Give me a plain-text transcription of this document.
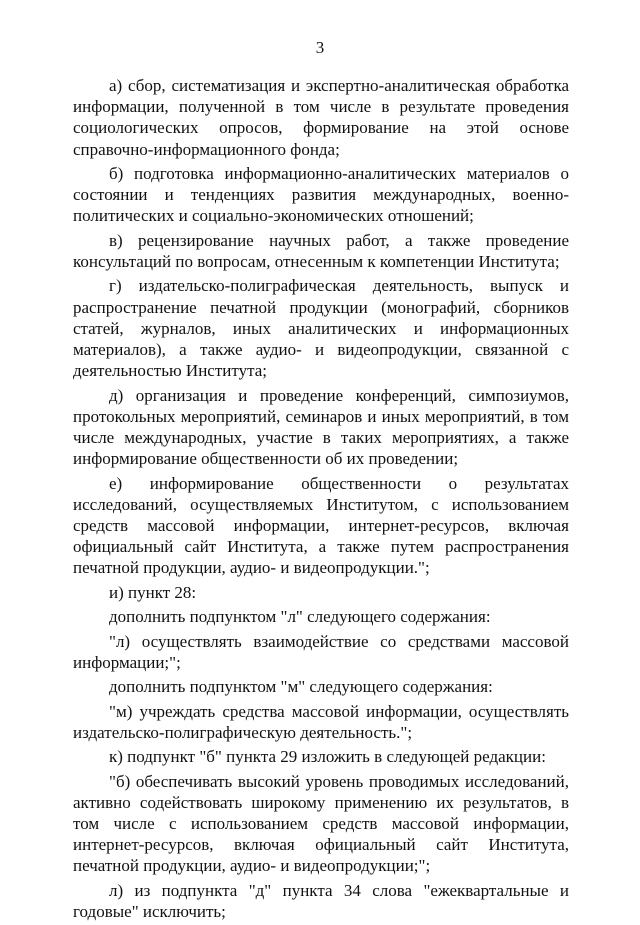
3

а) сбор, систематизация и экспертно-аналитическая обработка информации, полученной в том числе в результате проведения социологических опросов, формирование на этой основе справочно-информационного фонда;

б) подготовка информационно-аналитических материалов о состоянии и тенденциях развития международных, военно-политических и социально-экономических отношений;

в) рецензирование научных работ, а также проведение консультаций по вопросам, отнесенным к компетенции Института;

г) издательско-полиграфическая деятельность, выпуск и распространение печатной продукции (монографий, сборников статей, журналов, иных аналитических и информационных материалов), а также аудио- и видеопродукции, связанной с деятельностью Института;

д) организация и проведение конференций, симпозиумов, протокольных мероприятий, семинаров и иных мероприятий, в том числе международных, участие в таких мероприятиях, а также информирование общественности об их проведении;

е) информирование общественности о результатах исследований, осуществляемых Институтом, с использованием средств массовой информации, интернет-ресурсов, включая официальный сайт Института, а также путем распространения печатной продукции, аудио- и видеопродукции.";

и) пункт 28:

дополнить подпунктом "л" следующего содержания:

"л) осуществлять взаимодействие со средствами массовой информации;";

дополнить подпунктом "м" следующего содержания:

"м) учреждать средства массовой информации, осуществлять издательско-полиграфическую деятельность.";

к) подпункт "б" пункта 29 изложить в следующей редакции:

"б) обеспечивать высокий уровень проводимых исследований, активно содействовать широкому применению их результатов, в том числе с использованием средств массовой информации, интернет-ресурсов, включая официальный сайт Института, печатной продукции, аудио- и видеопродукции;";

л) из подпункта "д" пункта 34 слова "ежеквартальные и годовые" исключить;
